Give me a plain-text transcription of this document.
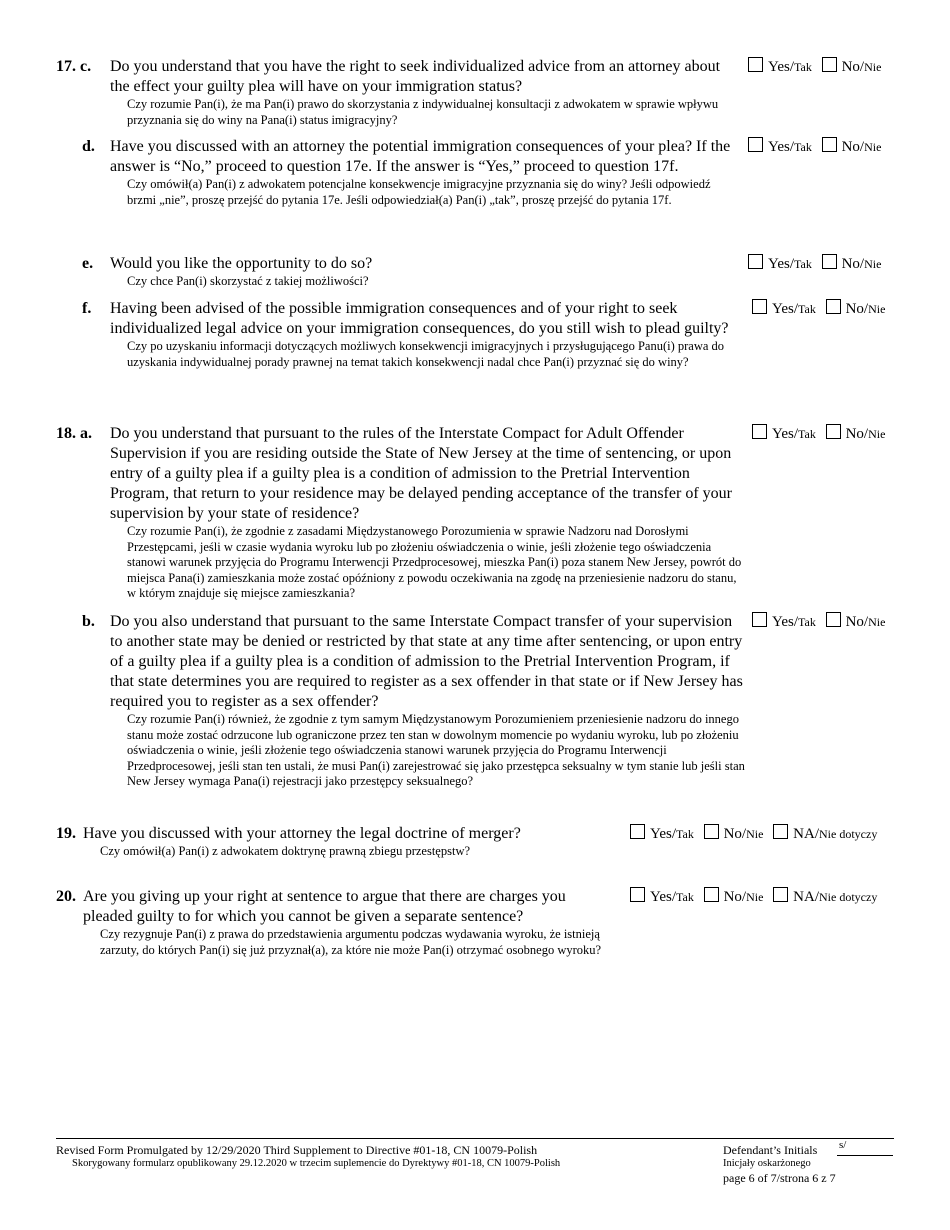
17. c. Do you understand that you have the right to seek individualized advice from an attorney about the effect your guilty plea will have on your immigration status?
Czy rozumie Pan(i), że ma Pan(i) prawo do skorzystania z indywidualnej konsultacji z adwokatem w sprawie wpływu przyznania się do winy na Pana(i) status imigracyjny?
Yes/Tak No/Nie
d. Have you discussed with an attorney the potential immigration consequences of your plea? If the answer is “No,” proceed to question 17e. If the answer is “Yes,” proceed to question 17f.
Czy omówił(a) Pan(i) z adwokatem potencjalne konsekwencje imigracyjne przyznania się do winy? Jeśli odpowiedź brzmi „nie”, proszę przejść do pytania 17e. Jeśli odpowiedział(a) Pan(i) „tak”, proszę przejść do pytania 17f.
Yes/Tak No/Nie
e. Would you like the opportunity to do so?
Czy chce Pan(i) skorzystać z takiej możliwości?
Yes/Tak No/Nie
f. Having been advised of the possible immigration consequences and of your right to seek individualized legal advice on your immigration consequences, do you still wish to plead guilty?
Czy po uzyskaniu informacji dotyczących możliwych konsekwencji imigracyjnych i przysługującego Panu(i) prawa do uzyskania indywidualnej porady prawnej na temat takich konsekwencji nadal chce Pan(i) przyznać się do winy?
Yes/Tak No/Nie
18. a. Do you understand that pursuant to the rules of the Interstate Compact for Adult Offender Supervision if you are residing outside the State of New Jersey at the time of sentencing, or upon entry of a guilty plea if a guilty plea is a condition of admission to the Pretrial Intervention Program, that return to your residence may be delayed pending acceptance of the transfer of your supervision by your state of residence?
Czy rozumie Pan(i), że zgodnie z zasadami Międzystanowego Porozumienia w sprawie Nadzoru nad Dorosłymi Przestępcami, jeśli w czasie wydania wyroku lub po złożeniu oświadczenia o winie, jeśli złożenie tego oświadczenia stanowi warunek przyjęcia do Programu Interwencji Przedprocesowej, mieszka Pan(i) poza stanem New Jersey, powrót do miejsca Pana(i) zamieszkania może zostać opóźniony z powodu oczekiwania na zgodę na przeniesienie nadzoru do stanu, w którym znajduje się miejsce zamieszkania?
Yes/Tak No/Nie
b. Do you also understand that pursuant to the same Interstate Compact transfer of your supervision to another state may be denied or restricted by that state at any time after sentencing, or upon entry of a guilty plea if a guilty plea is a condition of admission to the Pretrial Intervention Program, if that state determines you are required to register as a sex offender in that state or if New Jersey has required you to register as a sex offender?
Czy rozumie Pan(i) również, że zgodnie z tym samym Międzystanowym Porozumieniem przeniesienie nadzoru do innego stanu może zostać odrzucone lub ograniczone przez ten stan w dowolnym momencie po wydaniu wyroku, lub po złożeniu oświadczenia o winie, jeśli złożenie tego oświadczenia stanowi warunek przyjęcia do Programu Interwencji Przedprocesowej, jeśli stan ten ustali, że musi Pan(i) zarejestrować się jako przestępca seksualny w tym stanie lub jeśli stan New Jersey wymaga Pana(i) rejestracji jako przestępcy seksualnego?
Yes/Tak No/Nie
19. Have you discussed with your attorney the legal doctrine of merger?
Czy omówił(a) Pan(i) z adwokatem doktrynę prawną zbiegu przestępstw?
Yes/Tak No/Nie NA/Nie dotyczy
20. Are you giving up your right at sentence to argue that there are charges you pleaded guilty to for which you cannot be given a separate sentence?
Czy rezygnuje Pan(i) z prawa do przedstawienia argumentu podczas wydawania wyroku, że istnieją zarzuty, do których Pan(i) się już przyznał(a), za które nie może Pan(i) otrzymać osobnego wyroku?
Yes/Tak No/Nie NA/Nie dotyczy
Revised Form Promulgated by 12/29/2020 Third Supplement to Directive #01-18, CN 10079-Polish
Skorygowany formularz opublikowany 29.12.2020 w trzecim suplemencie do Dyrektywy #01-18, CN 10079-Polish
Defendant’s Initials
Inicjały oskarżonego
page 6 of 7/strona 6 z 7
s/
